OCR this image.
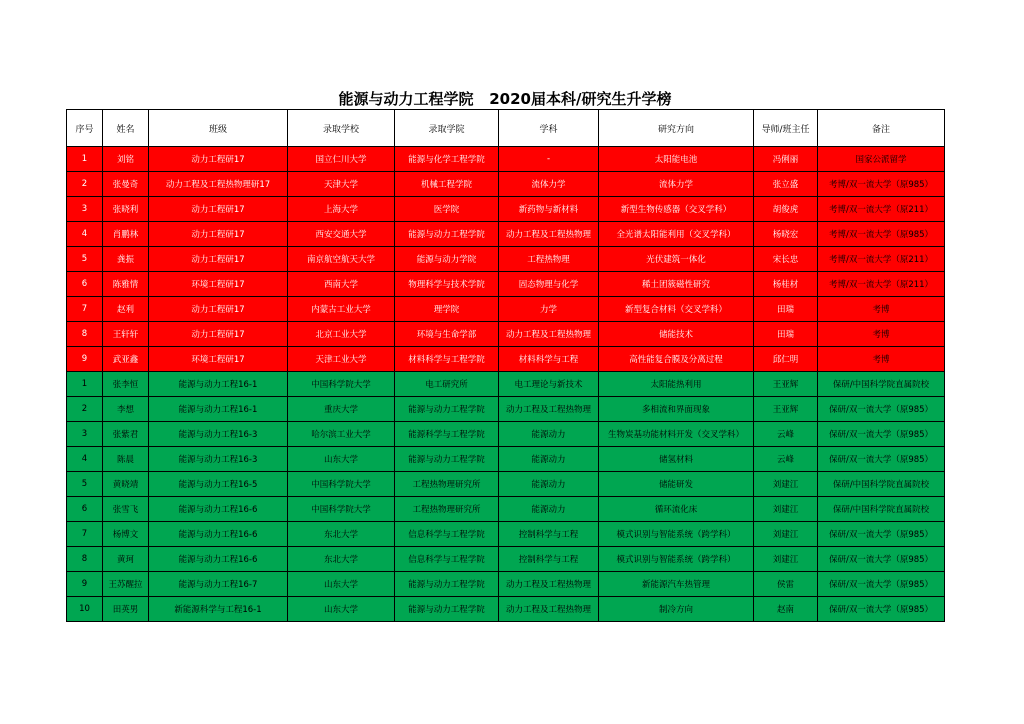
能源与动力工程学院   2020届本科/研究生升学榜
序号	姓名	班级	录取学校	录取学院	学科	研究方向	导师/班主任	备注
1	刘铭	动力工程研17	国立仁川大学	能源与化学工程学院	-	太阳能电池	冯俐丽	国家公派留学
2	张曼奇	动力工程及工程热物理研17	天津大学	机械工程学院	流体力学	流体力学	张立盛	考博/双一流大学（原985）
3	张晓利	动力工程研17	上海大学	医学院	新药物与新材料	新型生物传感器（交叉学科）	胡俊虎	考博/双一流大学（原211）
4	肖鹏林	动力工程研17	西安交通大学	能源与动力工程学院	动力工程及工程热物理	全光谱太阳能利用（交叉学科）	杨晓宏	考博/双一流大学（原985）
5	龚振	动力工程研17	南京航空航天大学	能源与动力学院	工程热物理	光伏建筑一体化	宋长忠	考博/双一流大学（原211）
6	陈雅情	环境工程研17	西南大学	物理科学与技术学院	固态物理与化学	稀土团簇磁性研究	杨桂材	考博/双一流大学（原211）
7	赵利	动力工程研17	内蒙古工业大学	理学院	力学	新型复合材料（交叉学科）	田瑞	考博
8	王轩轩	动力工程研17	北京工业大学	环境与生命学部	动力工程及工程热物理	储能技术	田瑞	考博
9	武亚鑫	环境工程研17	天津工业大学	材料科学与工程学院	材料科学与工程	高性能复合膜及分离过程	邱仁明	考博
1	张李恒	能源与动力工程16-1	中国科学院大学	电工研究所	电工理论与新技术	太阳能热利用	王亚辉	保研/中国科学院直属院校
2	李想	能源与动力工程16-1	重庆大学	能源与动力工程学院	动力工程及工程热物理	多相流和界面现象	王亚辉	保研/双一流大学（原985）
3	张紫君	能源与动力工程16-3	哈尔滨工业大学	能源科学与工程学院	能源动力	生物炭基功能材料开发（交叉学科）	云峰	保研/双一流大学（原985）
4	陈晨	能源与动力工程16-3	山东大学	能源与动力工程学院	能源动力	储氢材料	云峰	保研/双一流大学（原985）
5	黄晓靖	能源与动力工程16-5	中国科学院大学	工程热物理研究所	能源动力	储能研发	刘建江	保研/中国科学院直属院校
6	张雪飞	能源与动力工程16-6	中国科学院大学	工程热物理研究所	能源动力	循环流化床	刘建江	保研/中国科学院直属院校
7	杨博文	能源与动力工程16-6	东北大学	信息科学与工程学院	控制科学与工程	模式识别与智能系统（跨学科）	刘建江	保研/双一流大学（原985）
8	黄珂	能源与动力工程16-6	东北大学	信息科学与工程学院	控制科学与工程	模式识别与智能系统（跨学科）	刘建江	保研/双一流大学（原985）
9	王苏醒拉	能源与动力工程16-7	山东大学	能源与动力工程学院	动力工程及工程热物理	新能源汽车热管理	侯雷	保研/双一流大学（原985）
10	田英男	新能源科学与工程16-1	山东大学	能源与动力工程学院	动力工程及工程热物理	制冷方向	赵南	保研/双一流大学（原985）
